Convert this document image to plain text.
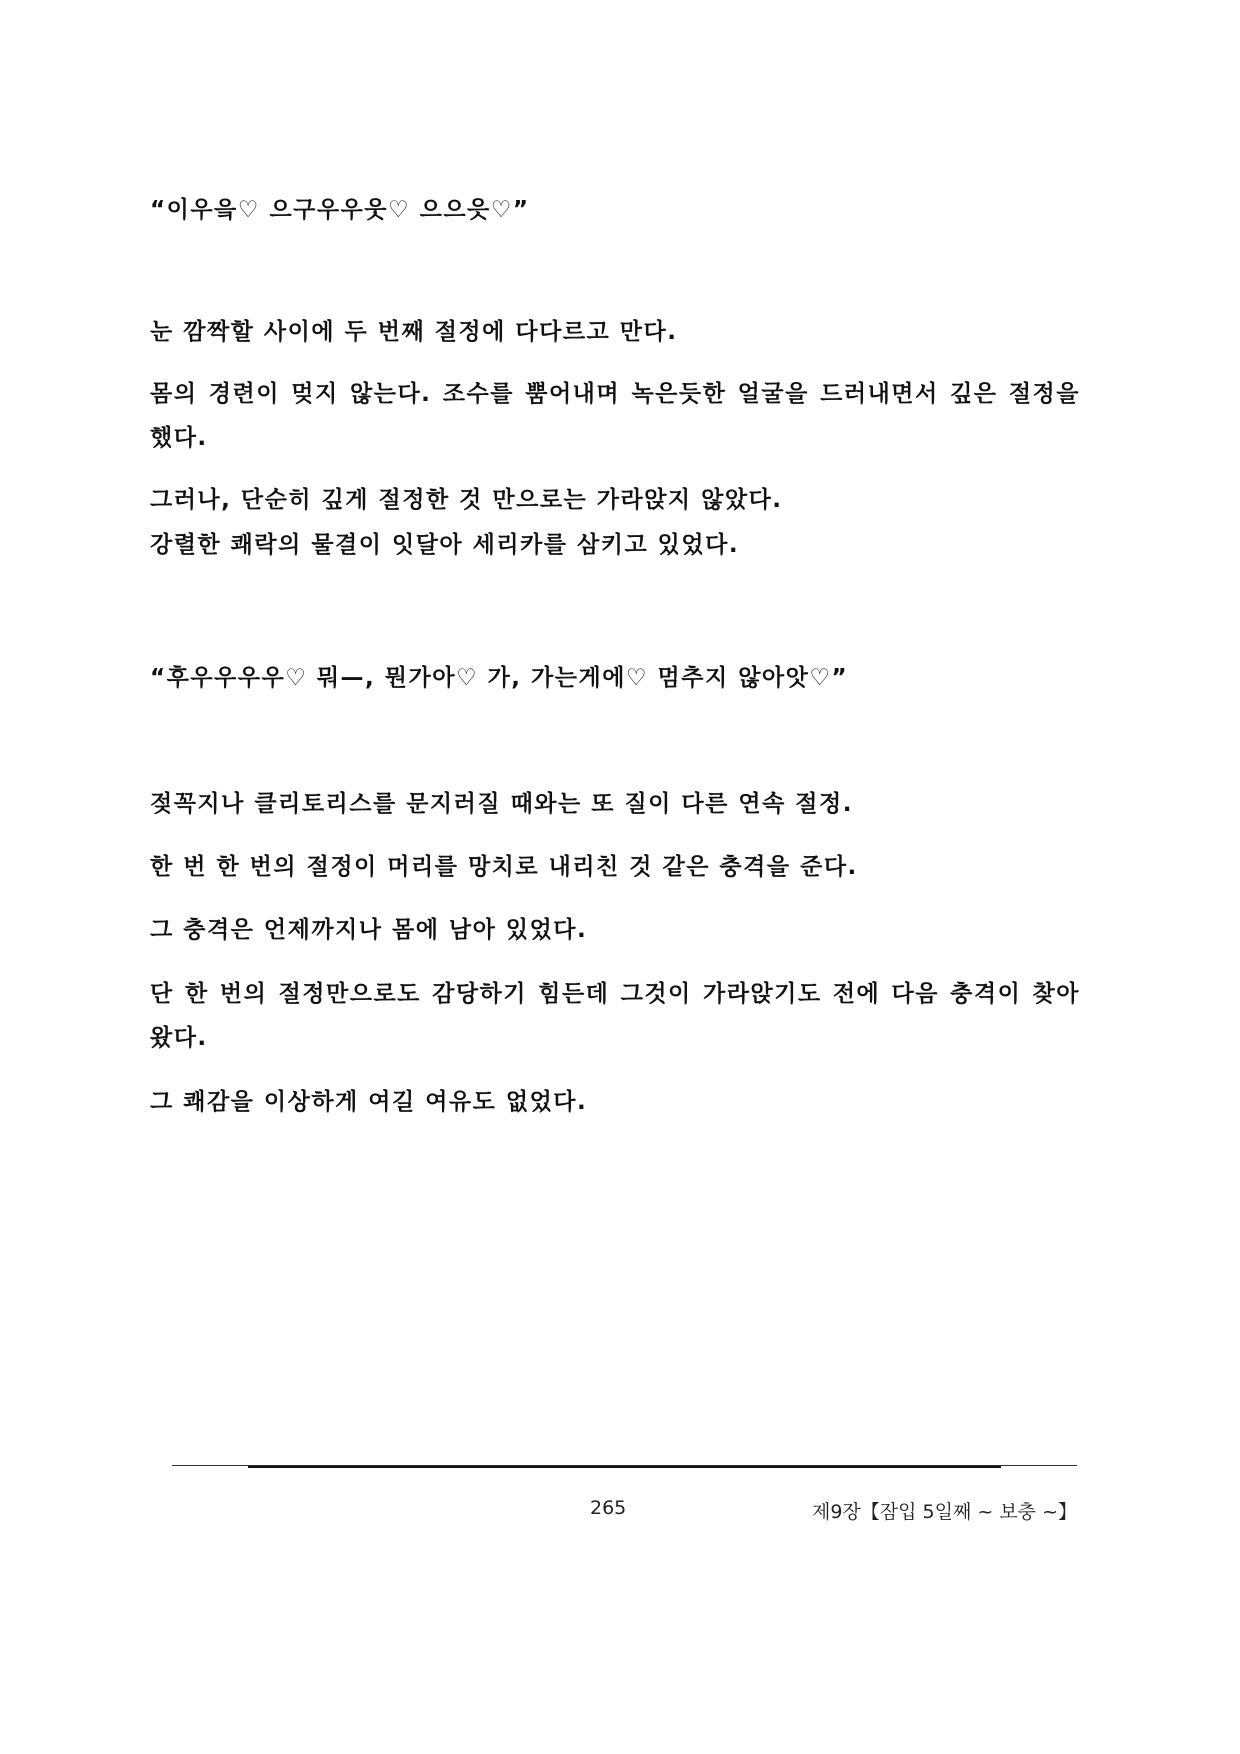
“이우읔♡ 으구우우웃♡ 으으읏♡”

눈 깜짝할 사이에 두 번째 절정에 다다르고 만다.

몸의 경련이 멎지 않는다. 조수를 뿜어내며 녹은듯한 얼굴을 드러내면서 깊은 절정을 했다.

그러나, 단순히 깊게 절정한 것 만으로는 가라앉지 않았다.

강렬한 쾌락의 물결이 잇달아 세리카를 삼키고 있었다.

“후우우우우♡ 뭐—, 뭔가아♡ 가, 가는게에♡ 멈추지 않아앗♡”

젖꼭지나 클리토리스를 문지러질 때와는 또 질이 다른 연속 절정.

한 번 한 번의 절정이 머리를 망치로 내리친 것 같은 충격을 준다.

그 충격은 언제까지나 몸에 남아 있었다.

단 한 번의 절정만으로도 감당하기 힘든데 그것이 가라앉기도 전에 다음 충격이 찾아왔다.

그 쾌감을 이상하게 여길 여유도 없었다.

265	제9장【잠입 5일째 ~ 보충 ~】
